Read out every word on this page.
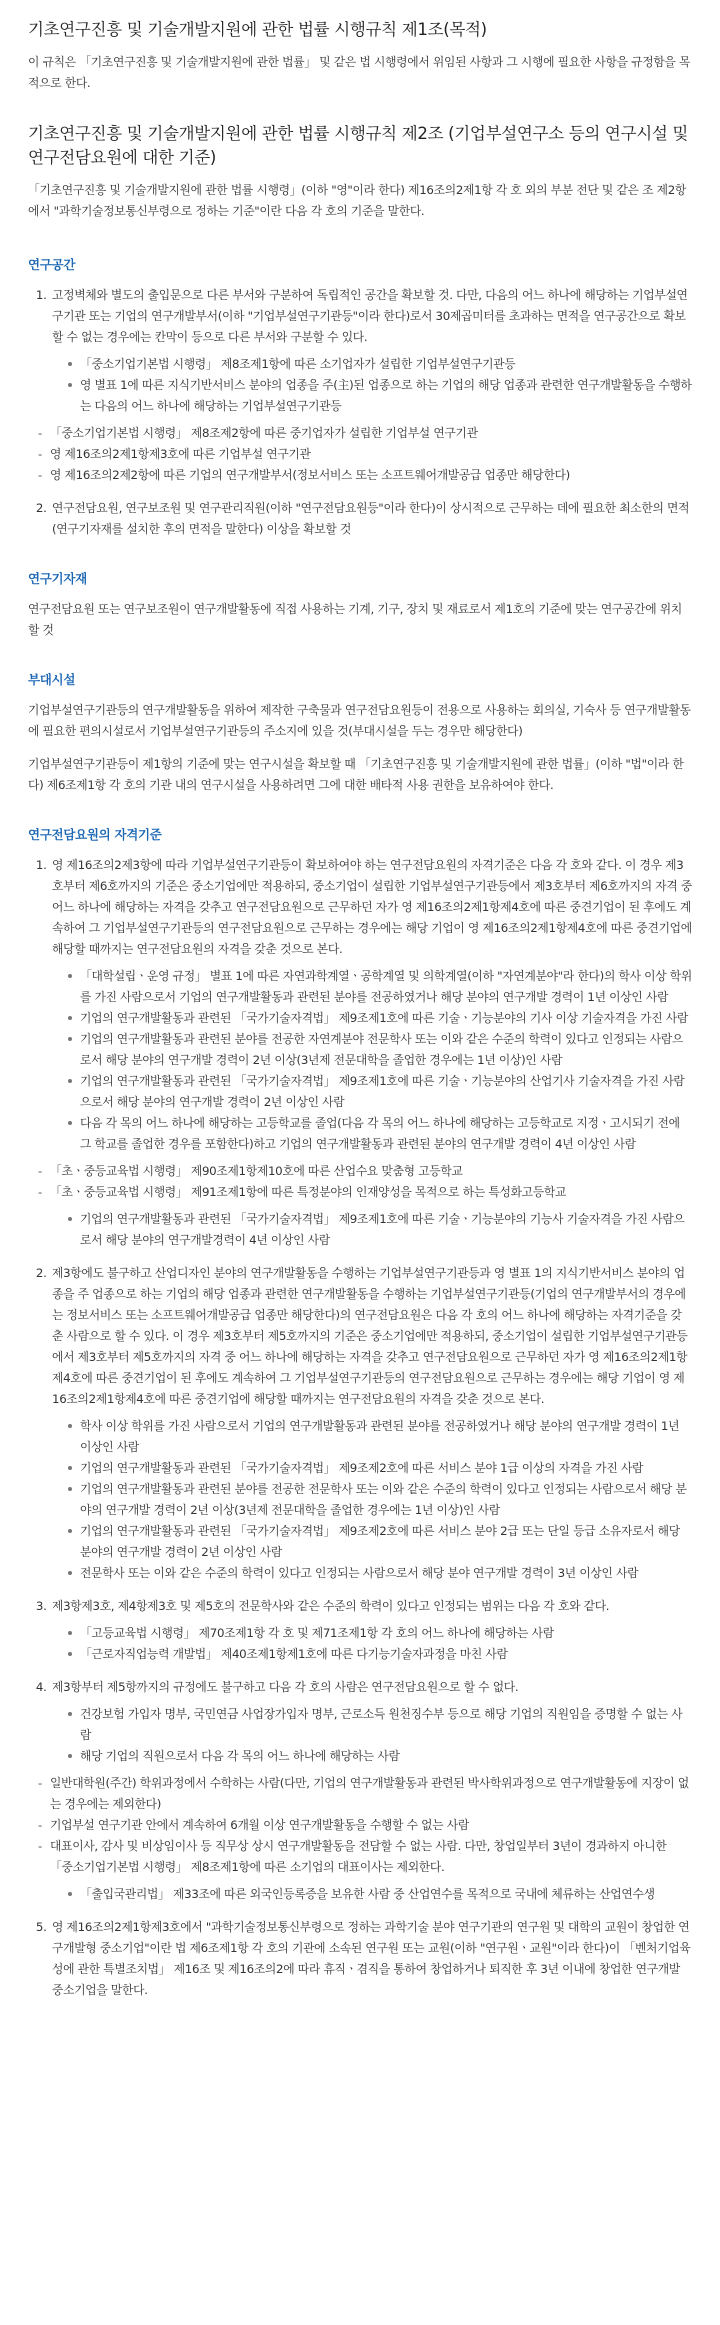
기초연구진흥 및 기술개발지원에 관한 법률 시행규칙 제1조(목적)

이 규칙은 「기초연구진흥 및 기술개발지원에 관한 법률」 및 같은 법 시행령에서 위임된 사항과 그 시행에 필요한 사항을 규정함을 목적으로 한다.

기초연구진흥 및 기술개발지원에 관한 법률 시행규칙 제2조 (기업부설연구소 등의 연구시설 및 연구전담요원에 대한 기준)

「기초연구진흥 및 기술개발지원에 관한 법률 시행령」(이하 "영"이라 한다) 제16조의2제1항 각 호 외의 부분 전단 및 같은 조 제2항에서 "과학기술정보통신부령으로 정하는 기준"이란 다음 각 호의 기준을 말한다.

연구공간
1. 고정벽체와 별도의 출입문으로 다른 부서와 구분하여 독립적인 공간을 확보할 것. 다만, 다음의 어느 하나에 해당하는 기업부설연구기관 또는 기업의 연구개발부서(이하 "기업부설연구기관등"이라 한다)로서 30제곱미터를 초과하는 면적을 연구공간으로 확보할 수 없는 경우에는 칸막이 등으로 다른 부서와 구분할 수 있다.
「중소기업기본법 시행령」 제8조제1항에 따른 소기업자가 설립한 기업부설연구기관등
영 별표 1에 따른 지식기반서비스 분야의 업종을 주(主)된 업종으로 하는 기업의 해당 업종과 관련한 연구개발활동을 수행하는 다음의 어느 하나에 해당하는 기업부설연구기관등
- 「중소기업기본법 시행령」 제8조제2항에 따른 중기업자가 설립한 기업부설 연구기관
- 영 제16조의2제1항제3호에 따른 기업부설 연구기관
- 영 제16조의2제2항에 따른 기업의 연구개발부서(정보서비스 또는 소프트웨어개발공급 업종만 해당한다)
2. 연구전담요원, 연구보조원 및 연구관리직원(이하 "연구전담요원등"이라 한다)이 상시적으로 근무하는 데에 필요한 최소한의 면적(연구기자재를 설치한 후의 면적을 말한다) 이상을 확보할 것
연구기자재

연구전담요원 또는 연구보조원이 연구개발활동에 직접 사용하는 기계, 기구, 장치 및 재료로서 제1호의 기준에 맞는 연구공간에 위치할 것

부대시설

기업부설연구기관등의 연구개발활동을 위하여 제작한 구축물과 연구전담요원등이 전용으로 사용하는 회의실, 기숙사 등 연구개발활동에 필요한 편의시설로서 기업부설연구기관등의 주소지에 있을 것(부대시설을 두는 경우만 해당한다)

기업부설연구기관등이 제1항의 기준에 맞는 연구시설을 확보할 때 「기초연구진흥 및 기술개발지원에 관한 법률」(이하 "법"이라 한다) 제6조제1항 각 호의 기관 내의 연구시설을 사용하려면 그에 대한 배타적 사용 권한을 보유하여야 한다.

연구전담요원의 자격기준
1. 영 제16조의2제3항에 따라 기업부설연구기관등이 확보하여야 하는 연구전담요원의 자격기준은 다음 각 호와 같다. 이 경우 제3호부터 제6호까지의 기준은 중소기업에만 적용하되, 중소기업이 설립한 기업부설연구기관등에서 제3호부터 제6호까지의 자격 중 어느 하나에 해당하는 자격을 갖추고 연구전담요원으로 근무하던 자가 영 제16조의2제1항제4호에 따른 중견기업이 된 후에도 계속하여 그 기업부설연구기관등의 연구전담요원으로 근무하는 경우에는 해당 기업이 영 제16조의2제1항제4호에 따른 중견기업에 해당할 때까지는 연구전담요원의 자격을 갖춘 것으로 본다.
「대학설립ㆍ운영 규정」 별표 1에 따른 자연과학계열ㆍ공학계열 및 의학계열(이하 "자연계분야"라 한다)의 학사 이상 학위를 가진 사람으로서 기업의 연구개발활동과 관련된 분야를 전공하였거나 해당 분야의 연구개발 경력이 1년 이상인 사람
기업의 연구개발활동과 관련된 「국가기술자격법」 제9조제1호에 따른 기술ㆍ기능분야의 기사 이상 기술자격을 가진 사람
기업의 연구개발활동과 관련된 분야를 전공한 자연계분야 전문학사 또는 이와 같은 수준의 학력이 있다고 인정되는 사람으로서 해당 분야의 연구개발 경력이 2년 이상(3년제 전문대학을 졸업한 경우에는 1년 이상)인 사람
기업의 연구개발활동과 관련된 「국가기술자격법」 제9조제1호에 따른 기술ㆍ기능분야의 산업기사 기술자격을 가진 사람으로서 해당 분야의 연구개발 경력이 2년 이상인 사람
다음 각 목의 어느 하나에 해당하는 고등학교를 졸업(다음 각 목의 어느 하나에 해당하는 고등학교로 지정ㆍ고시되기 전에 그 학교를 졸업한 경우를 포함한다)하고 기업의 연구개발활동과 관련된 분야의 연구개발 경력이 4년 이상인 사람
- 「초ㆍ중등교육법 시행령」 제90조제1항제10호에 따른 산업수요 맞춤형 고등학교
- 「초ㆍ중등교육법 시행령」 제91조제1항에 따른 특정분야의 인재양성을 목적으로 하는 특성화고등학교
기업의 연구개발활동과 관련된 「국가기술자격법」 제9조제1호에 따른 기술ㆍ기능분야의 기능사 기술자격을 가진 사람으로서 해당 분야의 연구개발경력이 4년 이상인 사람
2. 제3항에도 불구하고 산업디자인 분야의 연구개발활동을 수행하는 기업부설연구기관등과 영 별표 1의 지식기반서비스 분야의 업종을 주 업종으로 하는 기업의 해당 업종과 관련한 연구개발활동을 수행하는 기업부설연구기관등(기업의 연구개발부서의 경우에는 정보서비스 또는 소프트웨어개발공급 업종만 해당한다)의 연구전담요원은 다음 각 호의 어느 하나에 해당하는 자격기준을 갖춘 사람으로 할 수 있다. 이 경우 제3호부터 제5호까지의 기준은 중소기업에만 적용하되, 중소기업이 설립한 기업부설연구기관등에서 제3호부터 제5호까지의 자격 중 어느 하나에 해당하는 자격을 갖추고 연구전담요원으로 근무하던 자가 영 제16조의2제1항제4호에 따른 중견기업이 된 후에도 계속하여 그 기업부설연구기관등의 연구전담요원으로 근무하는 경우에는 해당 기업이 영 제16조의2제1항제4호에 따른 중견기업에 해당할 때까지는 연구전담요원의 자격을 갖춘 것으로 본다.
학사 이상 학위를 가진 사람으로서 기업의 연구개발활동과 관련된 분야를 전공하였거나 해당 분야의 연구개발 경력이 1년 이상인 사람
기업의 연구개발활동과 관련된 「국가기술자격법」 제9조제2호에 따른 서비스 분야 1급 이상의 자격을 가진 사람
기업의 연구개발활동과 관련된 분야를 전공한 전문학사 또는 이와 같은 수준의 학력이 있다고 인정되는 사람으로서 해당 분야의 연구개발 경력이 2년 이상(3년제 전문대학을 졸업한 경우에는 1년 이상)인 사람
기업의 연구개발활동과 관련된 「국가기술자격법」 제9조제2호에 따른 서비스 분야 2급 또는 단일 등급 소유자로서 해당 분야의 연구개발 경력이 2년 이상인 사람
전문학사 또는 이와 같은 수준의 학력이 있다고 인정되는 사람으로서 해당 분야 연구개발 경력이 3년 이상인 사람
3. 제3항제3호, 제4항제3호 및 제5호의 전문학사와 같은 수준의 학력이 있다고 인정되는 범위는 다음 각 호와 같다.
「고등교육법 시행령」 제70조제1항 각 호 및 제71조제1항 각 호의 어느 하나에 해당하는 사람
「근로자직업능력 개발법」 제40조제1항제1호에 따른 다기능기술자과정을 마친 사람
4. 제3항부터 제5항까지의 규정에도 불구하고 다음 각 호의 사람은 연구전담요원으로 할 수 없다.
건강보험 가입자 명부, 국민연금 사업장가입자 명부, 근로소득 원천징수부 등으로 해당 기업의 직원임을 증명할 수 없는 사람
해당 기업의 직원으로서 다음 각 목의 어느 하나에 해당하는 사람
- 일반대학원(주간) 학위과정에서 수학하는 사람(다만, 기업의 연구개발활동과 관련된 박사학위과정으로 연구개발활동에 지장이 없는 경우에는 제외한다)
- 기업부설 연구기관 안에서 계속하여 6개월 이상 연구개발활동을 수행할 수 없는 사람
- 대표이사, 감사 및 비상임이사 등 직무상 상시 연구개발활동을 전담할 수 없는 사람. 다만, 창업일부터 3년이 경과하지 아니한 「중소기업기본법 시행령」 제8조제1항에 따른 소기업의 대표이사는 제외한다.
「출입국관리법」 제33조에 따른 외국인등록증을 보유한 사람 중 산업연수를 목적으로 국내에 체류하는 산업연수생
5. 영 제16조의2제1항제3호에서 "과학기술정보통신부령으로 정하는 과학기술 분야 연구기관의 연구원 및 대학의 교원이 창업한 연구개발형 중소기업"이란 법 제6조제1항 각 호의 기관에 소속된 연구원 또는 교원(이하 "연구원ㆍ교원"이라 한다)이 「벤처기업육성에 관한 특별조치법」 제16조 및 제16조의2에 따라 휴직ㆍ겸직을 통하여 창업하거나 퇴직한 후 3년 이내에 창업한 연구개발 중소기업을 말한다.
